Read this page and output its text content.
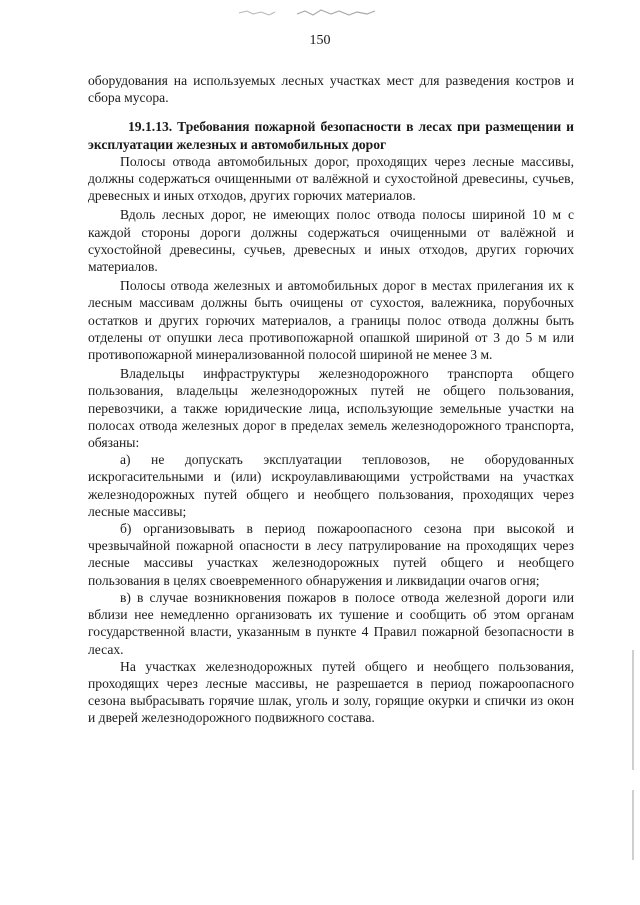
150

оборудования на используемых лесных участках мест для разведения костров и сбора мусора.

19.1.13. Требования пожарной безопасности в лесах при размещении и эксплуатации железных и автомобильных дорог

Полосы отвода автомобильных дорог, проходящих через лесные массивы, должны содержаться очищенными от валёжной и сухостойной древесины, сучьев, древесных и иных отходов, других горючих материалов.

Вдоль лесных дорог, не имеющих полос отвода полосы шириной 10 м с каждой стороны дороги должны содержаться очищенными от валёжной и сухостойной древесины, сучьев, древесных и иных отходов, других горючих материалов.

Полосы отвода железных и автомобильных дорог в местах прилегания их к лесным массивам должны быть очищены от сухостоя, валежника, порубочных остатков и других горючих материалов, а границы полос отвода должны быть отделены от опушки леса противопожарной опашкой шириной от 3 до 5 м или противопожарной минерализованной полосой шириной не менее 3 м.

Владельцы инфраструктуры железнодорожного транспорта общего пользования, владельцы железнодорожных путей не общего пользования, перевозчики, а также юридические лица, использующие земельные участки на полосах отвода железных дорог в пределах земель железнодорожного транспорта, обязаны:

а) не допускать эксплуатации тепловозов, не оборудованных искрогасительными и (или) искроулавливающими устройствами на участках железнодорожных путей общего и необщего пользования, проходящих через лесные массивы;

б) организовывать в период пожароопасного сезона при высокой и чрезвычайной пожарной опасности в лесу патрулирование на проходящих через лесные массивы участках железнодорожных путей общего и необщего пользования в целях своевременного обнаружения и ликвидации очагов огня;

в) в случае возникновения пожаров в полосе отвода железной дороги или вблизи нее немедленно организовать их тушение и сообщить об этом органам государственной власти, указанным в пункте 4 Правил пожарной безопасности в лесах.

На участках железнодорожных путей общего и необщего пользования, проходящих через лесные массивы, не разрешается в период пожароопасного сезона выбрасывать горячие шлак, уголь и золу, горящие окурки и спички из окон и дверей железнодорожного подвижного состава.
